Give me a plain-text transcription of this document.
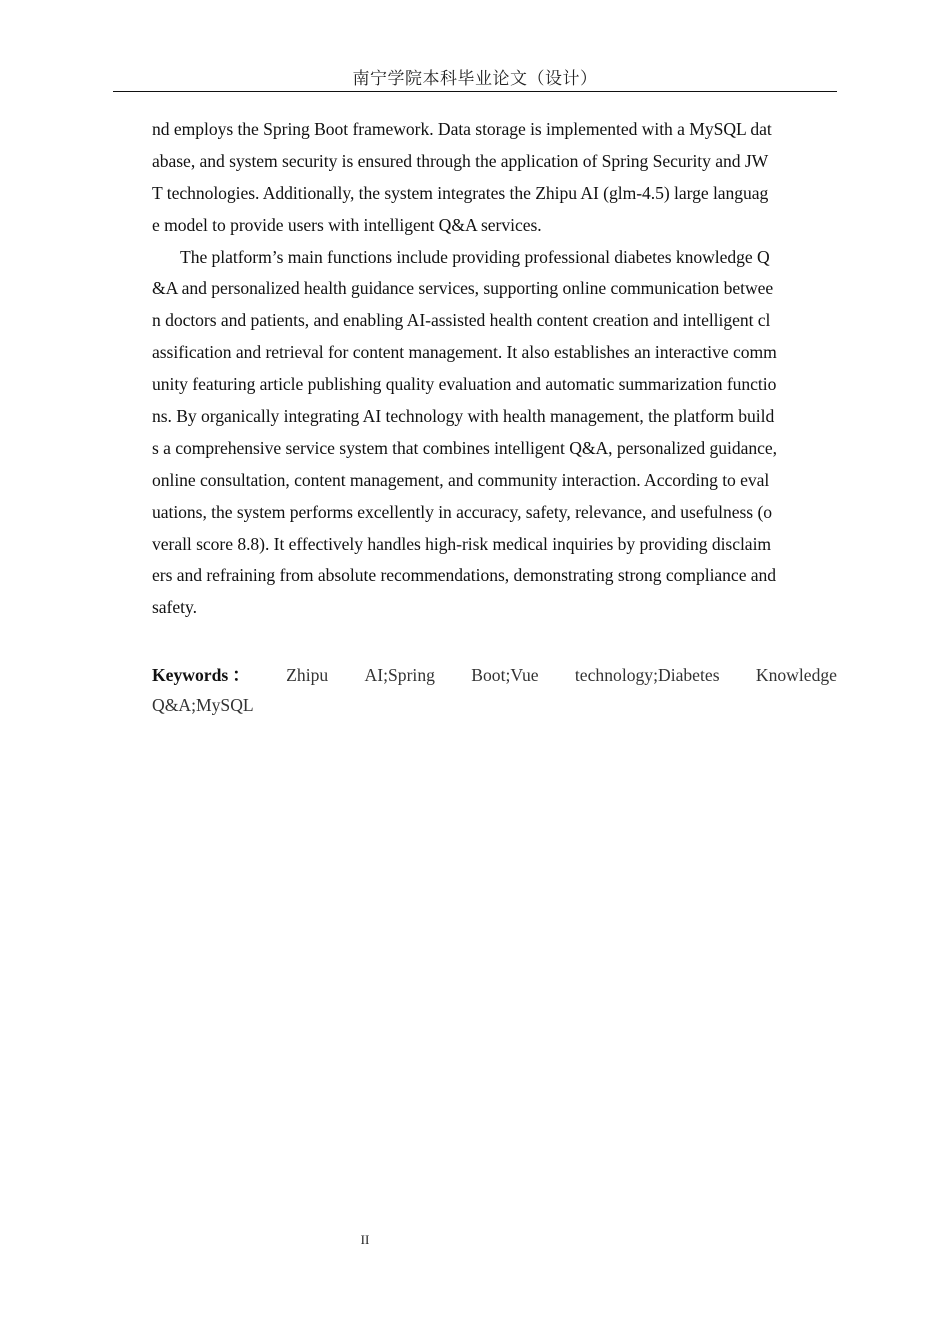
南宁学院本科毕业论文（设计）
nd employs the Spring Boot framework. Data storage is implemented with a MySQL dat
abase, and system security is ensured through the application of Spring Security and JW
T technologies. Additionally, the system integrates the Zhipu AI (glm-4.5) large languag
e model to provide users with intelligent Q&A services.
The platform’s main functions include providing professional diabetes knowledge Q
&A and personalized health guidance services, supporting online communication betwee
n doctors and patients, and enabling AI-assisted health content creation and intelligent cl
assification and retrieval for content management. It also establishes an interactive comm
unity featuring article publishing quality evaluation and automatic summarization functio
ns. By organically integrating AI technology with health management, the platform build
s a comprehensive service system that combines intelligent Q&A, personalized guidance,
online consultation, content management, and community interaction. According to eval
uations, the system performs excellently in accuracy, safety, relevance, and usefulness (o
verall score 8.8). It effectively handles high-risk medical inquiries by providing disclaim
ers and refraining from absolute recommendations, demonstrating strong compliance and
safety.
Keywords ： Zhipu AI;Spring Boot;Vue technology;Diabetes Knowledge
Q&A;MySQL
II
